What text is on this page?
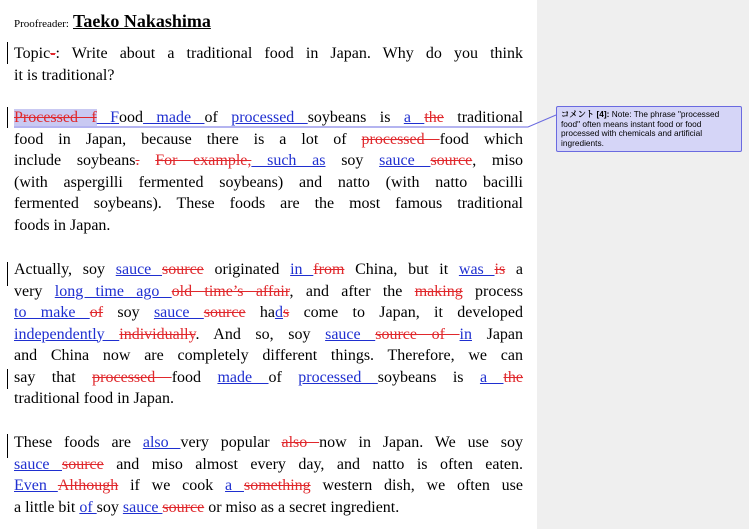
Proofreader: Taeko Nakashima
Topic-: Write about a traditional food in Japan. Why do you think
it is traditional?
Processed f Food made of processed soybeans is a the traditional
food in Japan, because there is a lot of processed food which
include soybeans. For example, such as soy sauce source, miso
(with aspergilli fermented soybeans) and natto (with natto bacilli
fermented soybeans). These foods are the most famous traditional
foods in Japan.
Actually, soy sauce source originated in from China, but it was is a
very long time ago old time’s affair, and after the making process
to make of soy sauce source hads come to Japan, it developed
independently individually. And so, soy sauce source of in Japan
and China now are completely different things. Therefore, we can
say that processed food made of processed soybeans is a the
traditional food in Japan.
These foods are also very popular also now in Japan. We use soy
sauce source and miso almost every day, and natto is often eaten.
Even Although if we cook a something western dish, we often use
a little bit of soy sauce source or miso as a secret ingredient.
コメント [4]: Note: The phrase "processed food" often means instant food or food processed with chemicals and artificial ingredients.
